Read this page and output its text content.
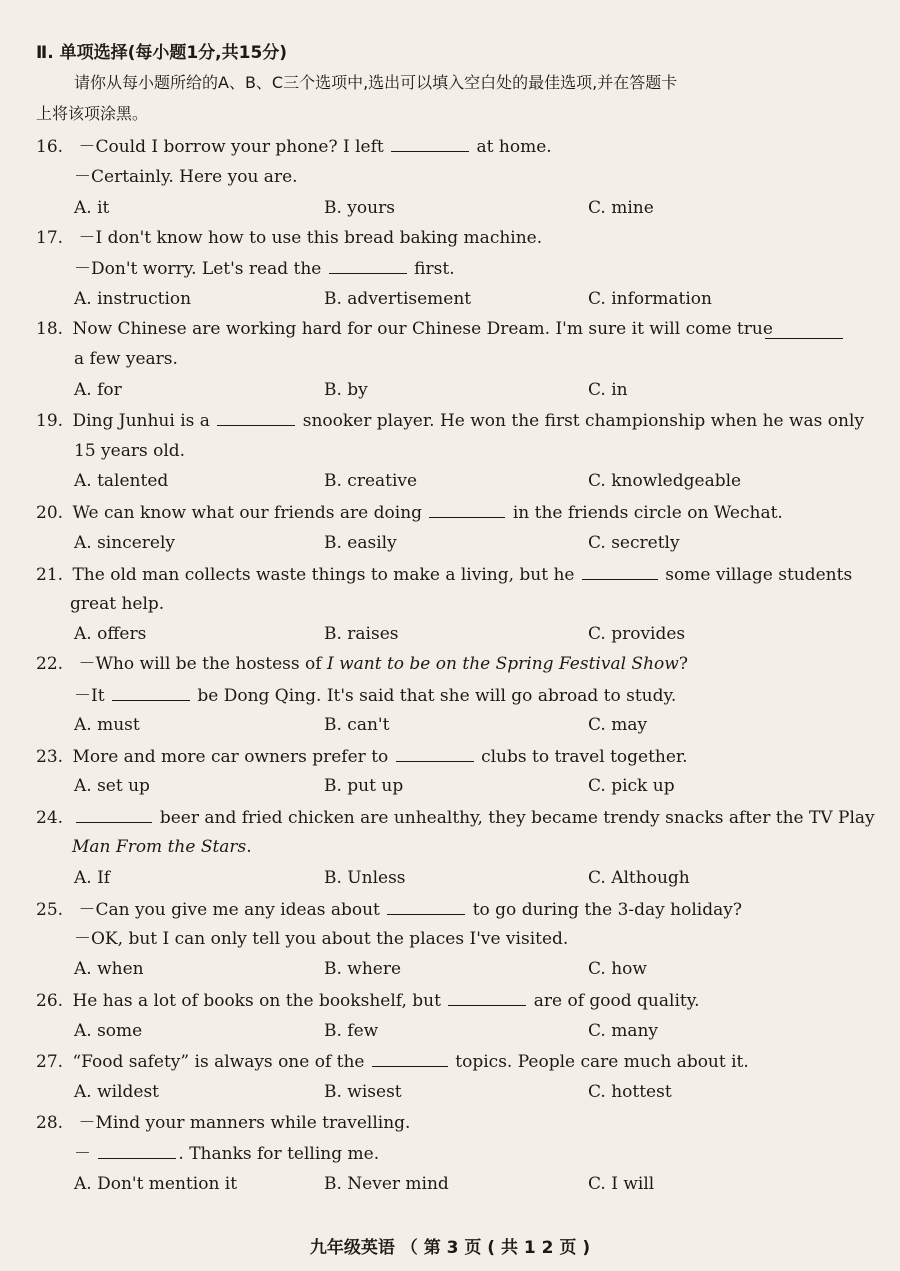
Ⅱ. 单项选择(每小题1分,共15分)
请你从每小题所给的A、B、C三个选项中,选出可以填入空白处的最佳选项,并在答题卡
上将该项涂黑。
16. －Could I borrow your phone? I left	at home.
－Certainly. Here you are.
A. it	B. yours	C. mine
17. －I don't know how to use this bread baking machine.
－Don't worry. Let's read the	first.
A. instruction	B. advertisement	C. information
18. Now Chinese are working hard for our Chinese Dream. I'm sure it will come true
a few years.
A. for	B. by	C. in
19. Ding Junhui is a	snooker player. He won the first championship when he was only
15 years old.
A. talented	B. creative	C. knowledgeable
20. We can know what our friends are doing	in the friends circle on Wechat.
A. sincerely	B. easily	C. secretly
21. The old man collects waste things to make a living, but he	some village students
great help.
A. offers	B. raises	C. provides
22. －Who will be the hostess of I want to be on the Spring Festival Show?
－It	be Dong Qing. It's said that she will go abroad to study.
A. must	B. can't	C. may
23. More and more car owners prefer to	clubs to travel together.
A. set up	B. put up	C. pick up
24.	beer and fried chicken are unhealthy, they became trendy snacks after the TV Play
Man From the Stars.
A. If	B. Unless	C. Although
25. －Can you give me any ideas about	to go during the 3-day holiday?
－OK, but I can only tell you about the places I've visited.
A. when	B. where	C. how
26. He has a lot of books on the bookshelf, but	are of good quality.
A. some	B. few	C. many
27. “Food safety” is always one of the	topics. People care much about it.
A. wildest	B. wisest	C. hottest
28. －Mind your manners while travelling.
－	. Thanks for telling me.
A. Don't mention it	B. Never mind	C. I will
九年级英语 （ 第 3 页 ( 共 1 2 页 )
